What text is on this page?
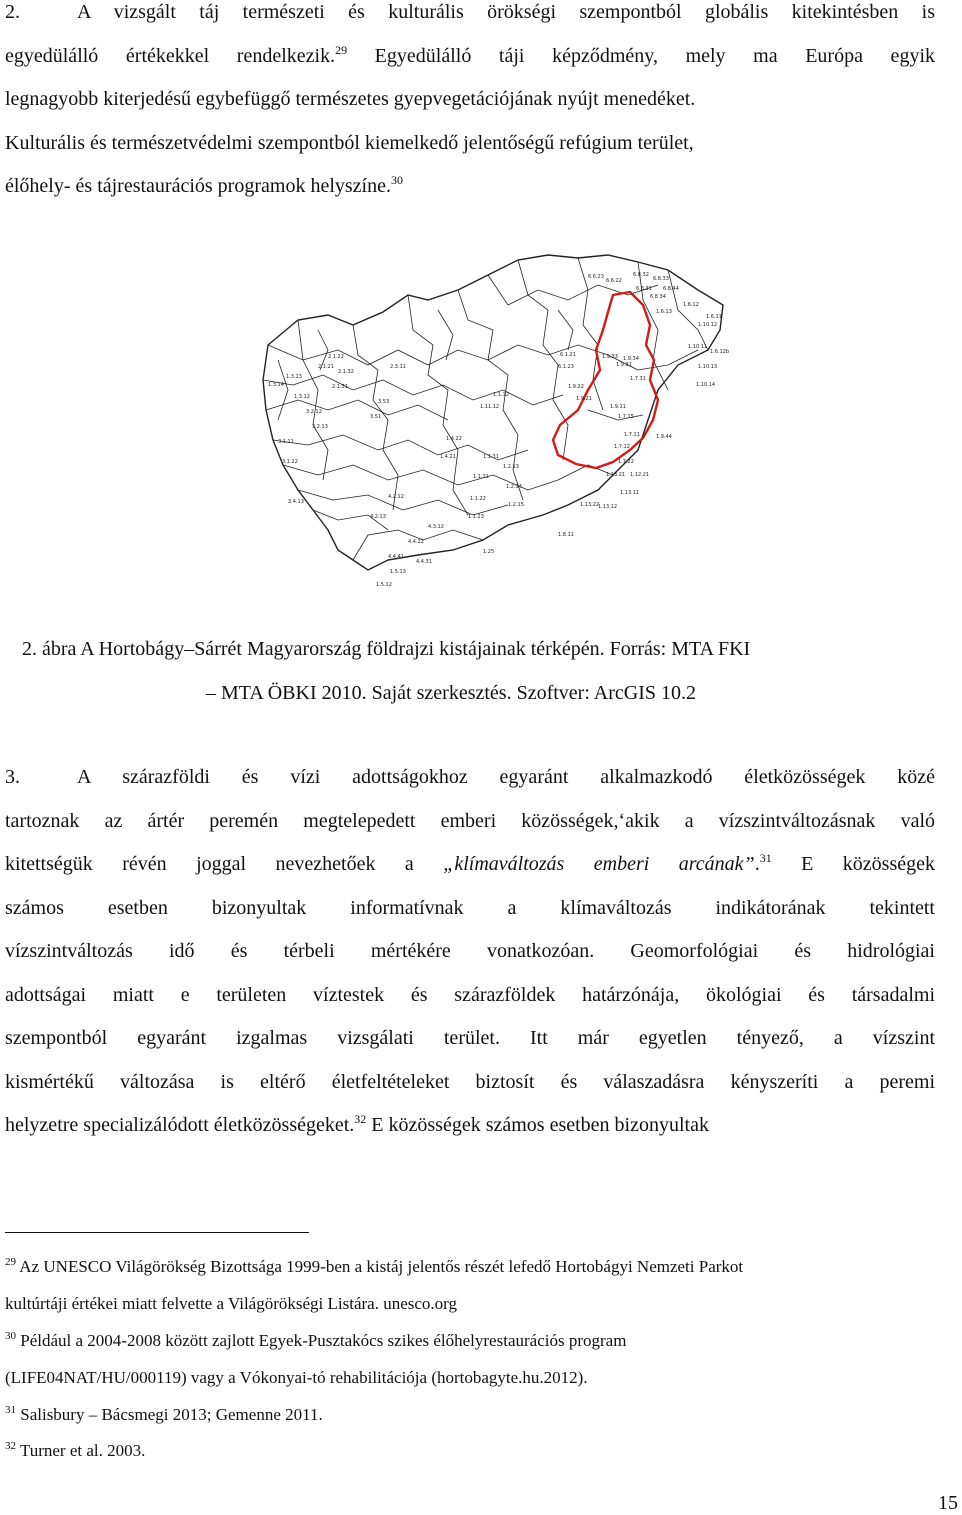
2.	A vizsgált táj természeti és kulturális örökségi szempontból globális kitekintésben is

egyedülálló értékekkel rendelkezik.$^{29}$ Egyedülálló táji képződmény, mely ma Európa egyik

legnagyobb kiterjedésű egybefüggő természetes gyepvegetációjának nyújt menedéket.

Kulturális és természetvédelmi szempontból kiemelkedő jelentőségű refúgium terület,

élőhely- és tájrestaurációs programok helyszíne.$^{30}$

6.6.23
6.6.22
6.8.32
6.8.33
6.8.44
6.8.34
6.8.31
1.6.13
1.6.12
1.10.12
1.6.11
1.10.11
1.6.12b
1.10.13
1.10.14
1.7.31
1.9.31
1.9.33 1.9.34
1.9.11
1.7.15
1.7.11
1.7.12
1.7.22
1.12.21
1.13.21
1.13.11
1.13.12
1.13.22
1.8.11
1.3.14
1.3.13
1.3.12
1.1.31
1.1.21
1.1.22
1.1.23
1.2.13
1.2.14
1.2.15
1.4.21
1.4.22
2.1.31
2.1.32
2.1.22
2.1.21	2.3.11
3.2.12
3.2.13
3.1.11
3.1.22
3.4.13
4.2.12
4.2.13
4.3.12
4.4.22
4.4.41
4.4.31
1.5.12
1.5.13
1.25
3.53
3.51
1.11.12
1.1.12
1.9.22
1.9.21
6.1.23
6.1.21
1.9.44

2. ábra A Hortobágy–Sárrét Magyarország földrajzi kistájainak térképén. Forrás: MTA FKI

– MTA ÖBKI 2010. Saját szerkesztés. Szoftver: ArcGIS 10.2

3.	A szárazföldi és vízi adottságokhoz egyaránt alkalmazkodó életközösségek közé

tartoznak az ártér peremén megtelepedett emberi közösségek,ʻakik a vízszintváltozásnak való

kitettségük révén joggal nevezhetőek a „klímaváltozás emberi arcának”.$^{31}$ E közösségek

számos esetben bizonyultak informatívnak a klímaváltozás indikátorának tekintett

vízszintváltozás idő és térbeli mértékére vonatkozóan. Geomorfológiai és hidrológiai

adottságai miatt e területen víztestek és szárazföldek határzónája, ökológiai és társadalmi

szempontból egyaránt izgalmas vizsgálati terület. Itt már egyetlen tényező, a vízszint

kismértékű változása is eltérő életfeltételeket biztosít és válaszadásra kényszeríti a peremi

helyzetre specializálódott életközösségeket.$^{32}$ E közösségek számos esetben bizonyultak

$^{29}$ Az UNESCO Világörökség Bizottsága 1999-ben a kistáj jelentős részét lefedő Hortobágyi Nemzeti Parkot

kultúrtáji értékei miatt felvette a Világörökségi Listára. unesco.org

$^{30}$ Például a 2004-2008 között zajlott Egyek-Pusztakócs szikes élőhelyrestaurációs program

(LIFE04NAT/HU/000119) vagy a Vókonyai-tó rehabilitációja (hortobagyte.hu.2012).

$^{31}$ Salisbury – Bácsmegi 2013; Gemenne 2011.

$^{32}$ Turner et al. 2003.

15
